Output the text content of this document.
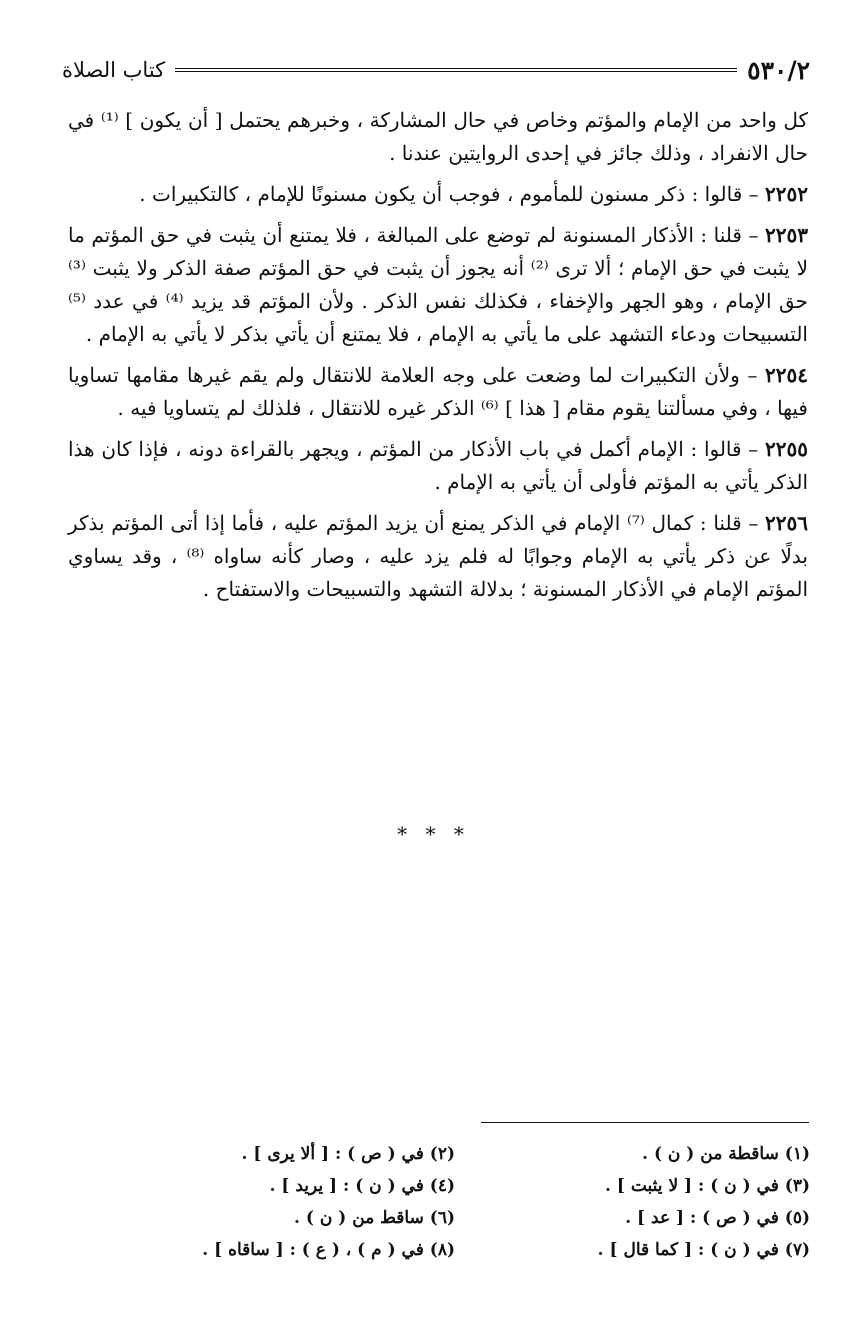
٥٣٠/٢
كتاب الصلاة

كل واحد من الإمام والمؤتم وخاص في حال المشاركة ، وخبرهم يحتمل [ أن يكون ] ⁽¹⁾ في حال الانفراد ، وذلك جائز في إحدى الروايتين عندنا .

٢٢٥٢ – قالوا : ذكر مسنون للمأموم ، فوجب أن يكون مسنونًا للإمام ، كالتكبيرات .

٢٢٥٣ – قلنا : الأذكار المسنونة لم توضع على المبالغة ، فلا يمتنع أن يثبت في حق المؤتم ما لا يثبت في حق الإمام ؛ ألا ترى ⁽²⁾ أنه يجوز أن يثبت في حق المؤتم صفة الذكر ولا يثبت ⁽³⁾ حق الإمام ، وهو الجهر والإخفاء ، فكذلك نفس الذكر . ولأن المؤتم قد يزيد ⁽⁴⁾ في عدد ⁽⁵⁾ التسبيحات ودعاء التشهد على ما يأتي به الإمام ، فلا يمتنع أن يأتي بذكر لا يأتي به الإمام .

٢٢٥٤ – ولأن التكبيرات لما وضعت على وجه العلامة للانتقال ولم يقم غيرها مقامها تساويا فيها ، وفي مسألتنا يقوم مقام [ هذا ] ⁽⁶⁾ الذكر غيره للانتقال ، فلذلك لم يتساويا فيه .

٢٢٥٥ – قالوا : الإمام أكمل في باب الأذكار من المؤتم ، ويجهر بالقراءة دونه ، فإذا كان هذا الذكر يأتي به المؤتم فأولى أن يأتي به الإمام .

٢٢٥٦ – قلنا : كمال ⁽⁷⁾ الإمام في الذكر يمنع أن يزيد المؤتم عليه ، فأما إذا أتى المؤتم بذكر بدلًا عن ذكر يأتي به الإمام وجوابًا له فلم يزد عليه ، وصار كأنه ساواه ⁽⁸⁾ ، وقد يساوي المؤتم الإمام في الأذكار المسنونة ؛ بدلالة التشهد والتسبيحات والاستفتاح .

* * *
(١) ساقطة من ( ن ) .
(٢) في ( ص ) : [ ألا يرى ] .
(٣) في ( ن ) : [ لا يثبت ] .
(٤) في ( ن ) : [ يريد ] .
(٥) في ( ص ) : [ عد ] .
(٦) ساقط من ( ن ) .
(٧) في ( ن ) : [ كما قال ] .
(٨) في ( م ) ، ( ع ) : [ ساقاه ] .
